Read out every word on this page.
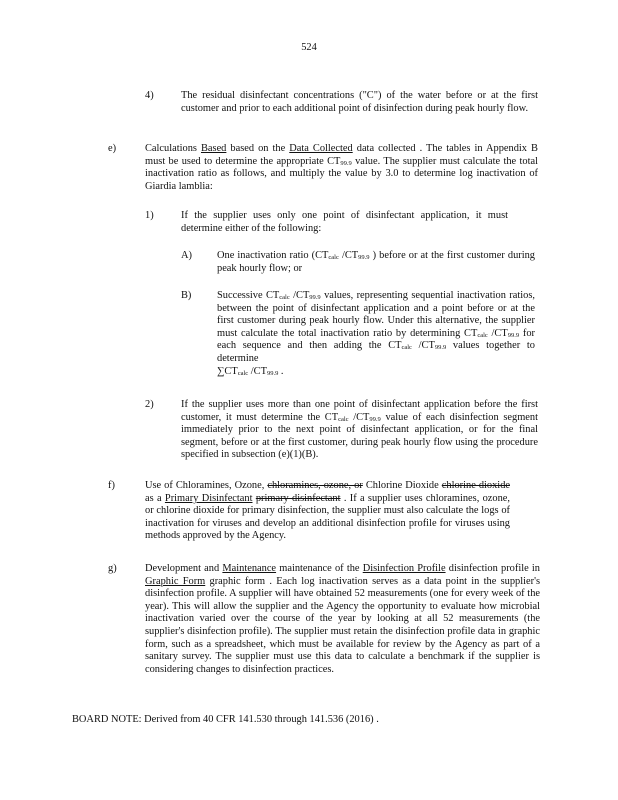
524
4)	The residual disinfectant concentrations ("C") of the water before or at the first customer and prior to each additional point of disinfection during peak hourly flow.
e)	Calculations Based based on the Data Collected data collected . The tables in Appendix B must be used to determine the appropriate $CT_{99.9}$ value. The supplier must calculate the total inactivation ratio as follows, and multiply the value by 3.0 to determine log inactivation of Giardia lamblia:
1)	If the supplier uses only one point of disinfectant application, it must determine either of the following:
A) One inactivation ratio ($CT_{calc}$ $/CT_{99.9}$ ) before or at the first customer during peak hourly flow; or
B) Successive $CT_{calc}$ $/CT_{99.9}$ values, representing sequential inactivation ratios, between the point of disinfectant application and a point before or at the first customer during peak hourly flow. Under this alternative, the supplier must calculate the total inactivation ratio by determining $CT_{calc}$ $/CT_{99.9}$ for each sequence and then adding the $CT_{calc}$ $/CT_{99.9}$ values together to determine
$\sum CT_{calc}$ $/CT_{99.9}$ .
2)	If the supplier uses more than one point of disinfectant application before the first customer, it must determine the $CT_{calc}$ $/CT_{99.9}$ value of each disinfection segment immediately prior to the next point of disinfectant application, or for the final segment, before or at the first customer, during peak hourly flow using the procedure specified in subsection (e)(1)(B).
f)	Use of Chloramines, Ozone, chloramines, ozone, or Chlorine Dioxide chlorine dioxide as a Primary Disinfectant primary disinfectant . If a supplier uses chloramines, ozone, or chlorine dioxide for primary disinfection, the supplier must also calculate the logs of inactivation for viruses and develop an additional disinfection profile for viruses using methods approved by the Agency.
g)	Development and Maintenance maintenance of the Disinfection Profile disinfection profile in Graphic Form graphic form . Each log inactivation serves as a data point in the supplier's disinfection profile. A supplier will have obtained 52 measurements (one for every week of the year). This will allow the supplier and the Agency the opportunity to evaluate how microbial inactivation varied over the course of the year by looking at all 52 measurements (the supplier's disinfection profile). The supplier must retain the disinfection profile data in graphic form, such as a spreadsheet, which must be available for review by the Agency as part of a sanitary survey. The supplier must use this data to calculate a benchmark if the supplier is considering changes to disinfection practices.
BOARD NOTE: Derived from 40 CFR 141.530 through 141.536 (2016) .
